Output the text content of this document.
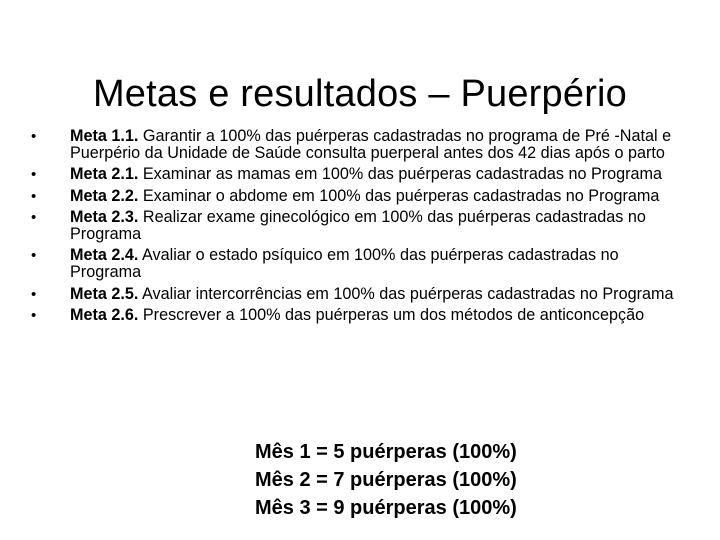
Metas e resultados – Puerpério
• Meta 1.1. Garantir a 100% das puérperas cadastradas no programa de Pré -Natal e Puerpério da Unidade de Saúde consulta puerperal antes dos 42 dias após o parto
• Meta 2.1. Examinar as mamas em 100% das puérperas cadastradas no Programa
• Meta 2.2. Examinar o abdome em 100% das puérperas cadastradas no Programa
• Meta 2.3. Realizar exame ginecológico em 100% das puérperas cadastradas no Programa
• Meta 2.4. Avaliar o estado psíquico em 100% das puérperas cadastradas no Programa
• Meta 2.5. Avaliar intercorrências em 100% das puérperas cadastradas no Programa
• Meta 2.6. Prescrever a 100% das puérperas um dos métodos de anticoncepção
Mês 1 = 5 puérperas (100%)
Mês 2 = 7 puérperas (100%)
Mês 3 = 9 puérperas (100%)
